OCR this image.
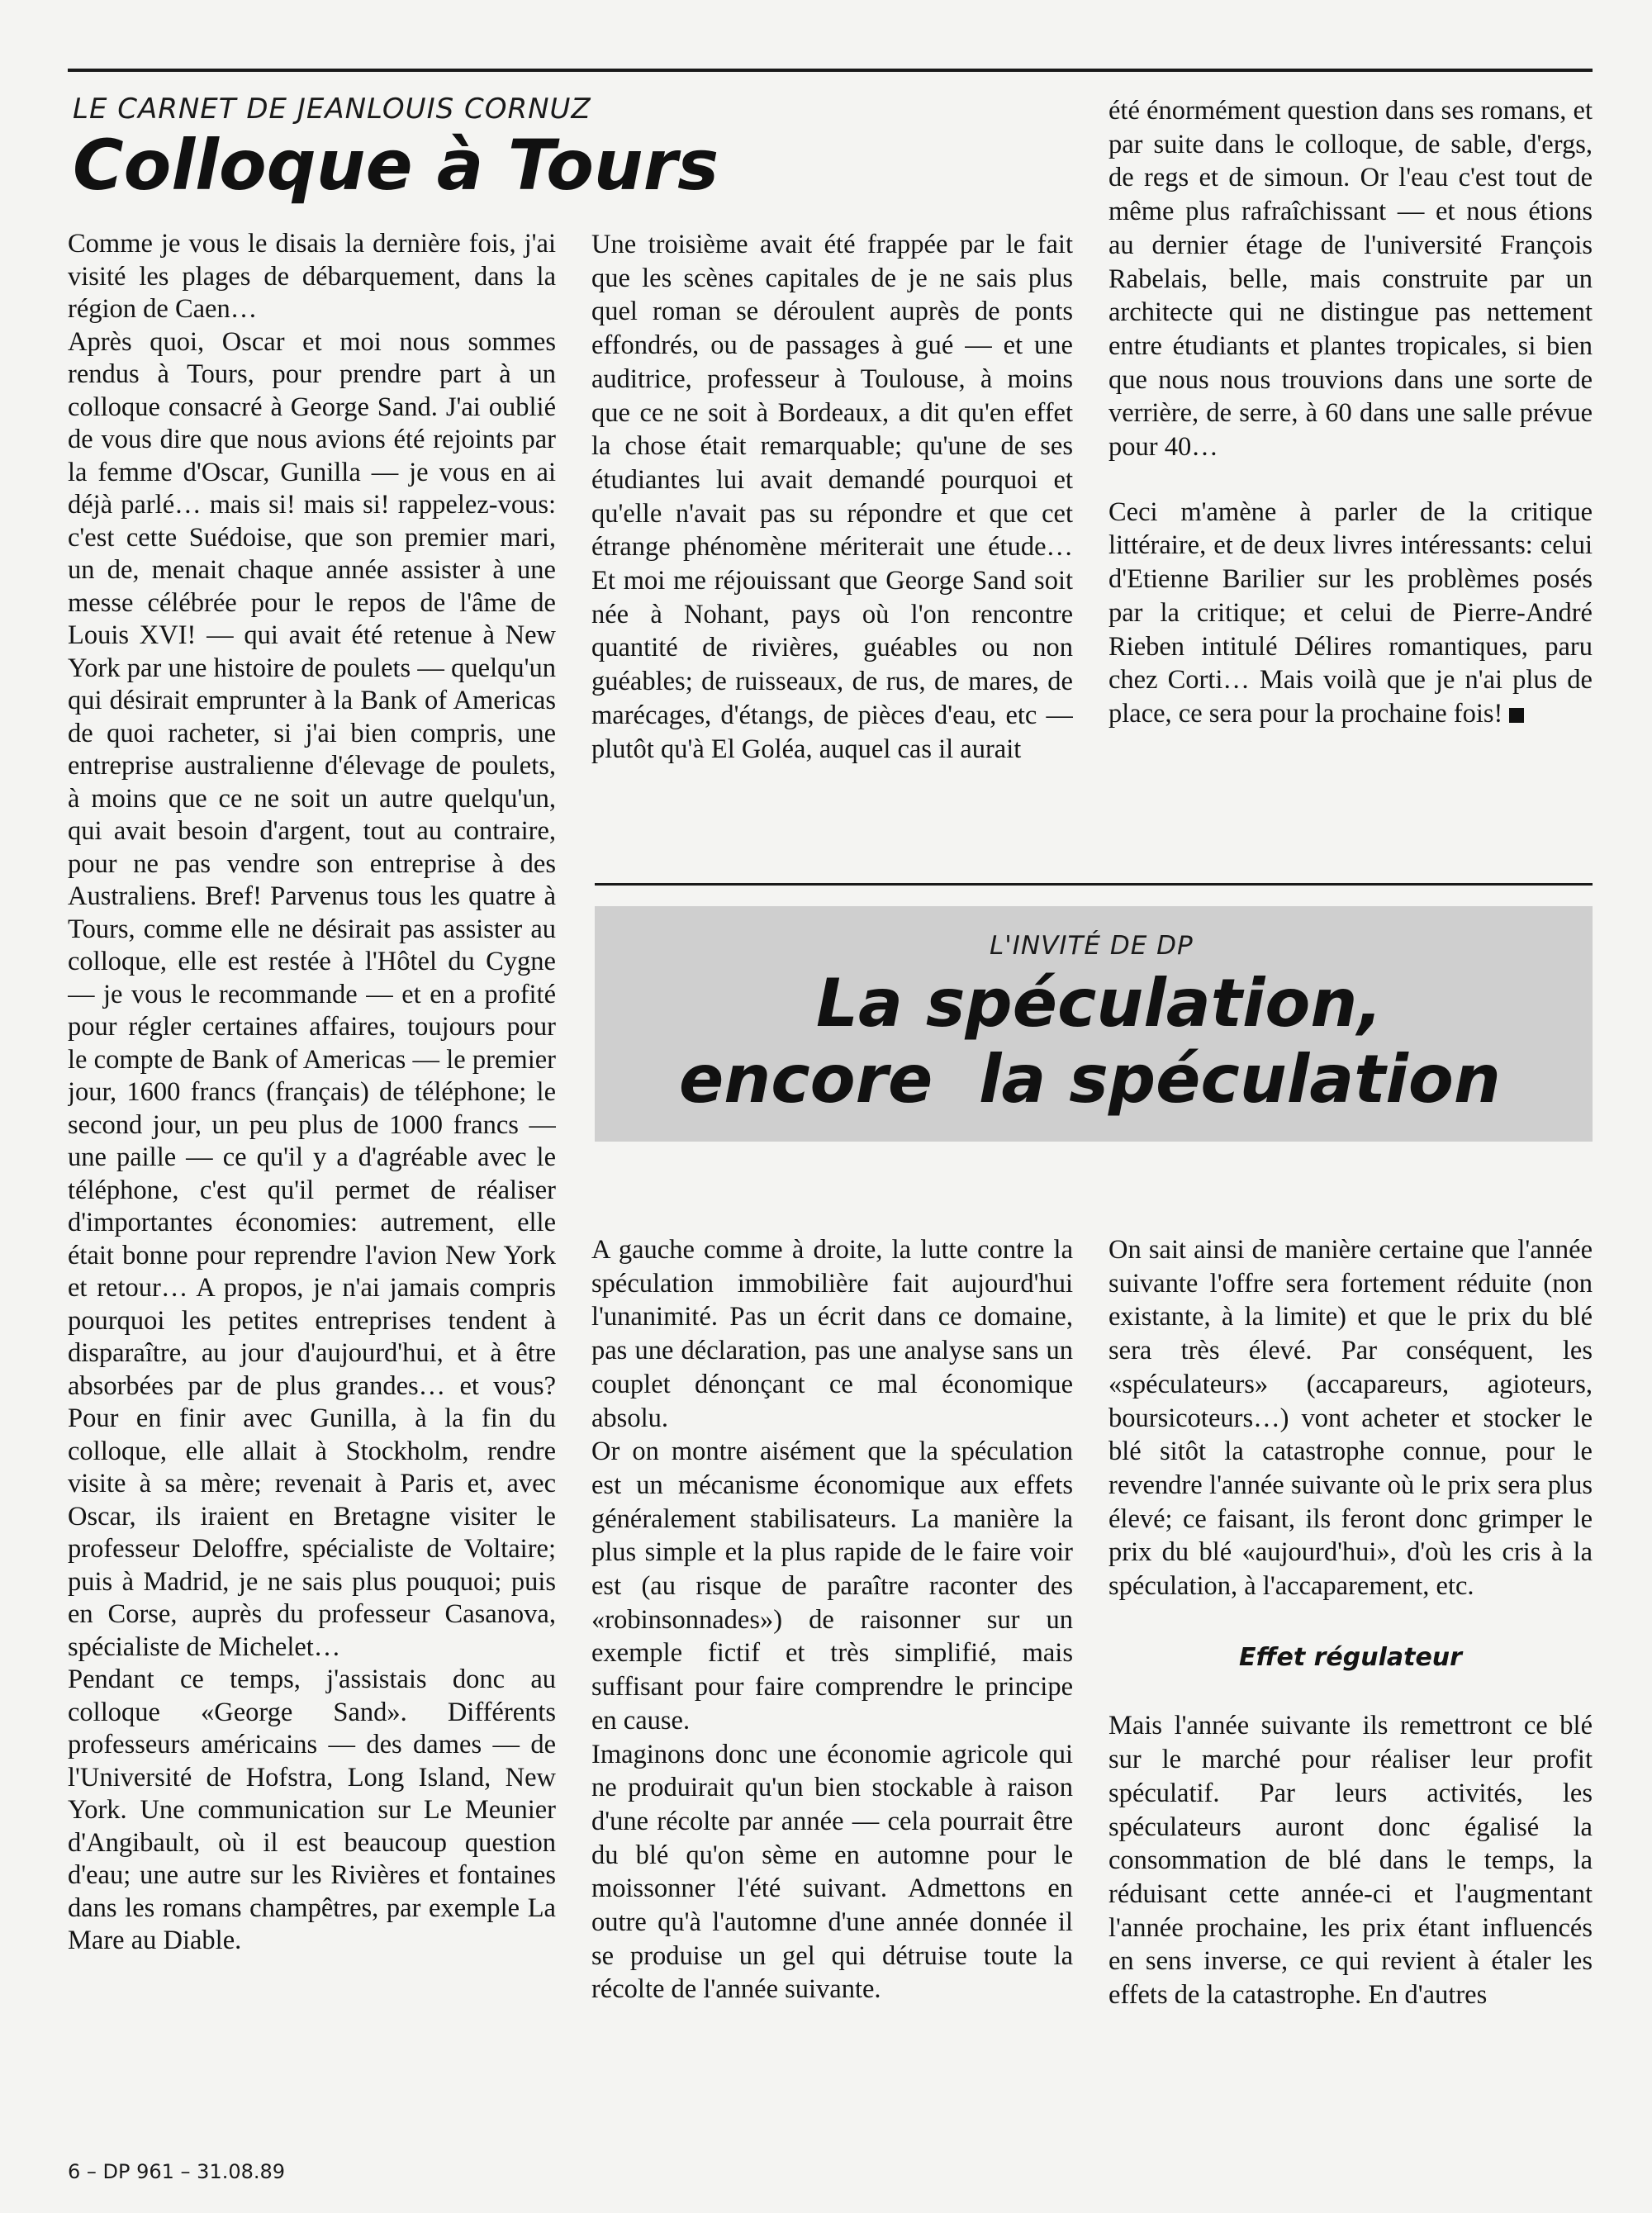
LE CARNET DE JEANLOUIS CORNUZ

Colloque à Tours

Comme je vous le disais la dernière fois, j'ai visité les plages de débarquement, dans la région de Caen…

Après quoi, Oscar et moi nous sommes rendus à Tours, pour prendre part à un colloque consacré à George Sand. J'ai oublié de vous dire que nous avions été rejoints par la femme d'Oscar, Gunilla — je vous en ai déjà parlé… mais si! mais si! rappelez-vous: c'est cette Suédoise, que son premier mari, un de, menait chaque année assister à une messe célébrée pour le repos de l'âme de Louis XVI! — qui avait été retenue à New York par une histoire de poulets — quelqu'un qui désirait emprunter à la Bank of Americas de quoi racheter, si j'ai bien compris, une entreprise australienne d'élevage de poulets, à moins que ce ne soit un autre quelqu'un, qui avait besoin d'argent, tout au contraire, pour ne pas vendre son entreprise à des Australiens. Bref! Parvenus tous les quatre à Tours, comme elle ne désirait pas assister au colloque, elle est restée à l'Hôtel du Cygne — je vous le recommande — et en a profité pour régler certaines affaires, toujours pour le compte de Bank of Americas — le premier jour, 1600 francs (français) de téléphone; le second jour, un peu plus de 1000 francs — une paille — ce qu'il y a d'agréable avec le téléphone, c'est qu'il permet de réaliser d'importantes économies: autrement, elle était bonne pour reprendre l'avion New York et retour… A propos, je n'ai jamais compris pourquoi les petites entreprises tendent à disparaître, au jour d'aujourd'hui, et à être absorbées par de plus grandes… et vous? Pour en finir avec Gunilla, à la fin du colloque, elle allait à Stockholm, rendre visite à sa mère; revenait à Paris et, avec Oscar, ils iraient en Bretagne visiter le professeur Deloffre, spécialiste de Voltaire; puis à Madrid, je ne sais plus pouquoi; puis en Corse, auprès du professeur Casanova, spécialiste de Michelet…

Pendant ce temps, j'assistais donc au colloque «George Sand». Différents professeurs américains — des dames — de l'Université de Hofstra, Long Island, New York. Une communication sur Le Meunier d'Angibault, où il est beaucoup question d'eau; une autre sur les Rivières et fontaines dans les romans champêtres, par exemple La Mare au Diable.

Une troisième avait été frappée par le fait que les scènes capitales de je ne sais plus quel roman se déroulent auprès de ponts effondrés, ou de passages à gué — et une auditrice, professeur à Toulouse, à moins que ce ne soit à Bordeaux, a dit qu'en effet la chose était remarquable; qu'une de ses étudiantes lui avait demandé pourquoi et qu'elle n'avait pas su répondre et que cet étrange phénomène mériterait une étude… Et moi me réjouissant que George Sand soit née à Nohant, pays où l'on rencontre quantité de rivières, guéables ou non guéables; de ruisseaux, de rus, de mares, de marécages, d'étangs, de pièces d'eau, etc — plutôt qu'à El Goléa, auquel cas il aurait

été énormément question dans ses romans, et par suite dans le colloque, de sable, d'ergs, de regs et de simoun. Or l'eau c'est tout de même plus rafraîchissant — et nous étions au dernier étage de l'université François Rabelais, belle, mais construite par un architecte qui ne distingue pas nettement entre étudiants et plantes tropicales, si bien que nous nous trouvions dans une sorte de verrière, de serre, à 60 dans une salle prévue pour 40…

Ceci m'amène à parler de la critique littéraire, et de deux livres intéressants: celui d'Etienne Barilier sur les problèmes posés par la critique; et celui de Pierre-André Rieben intitulé Délires romantiques, paru chez Corti… Mais voilà que je n'ai plus de place, ce sera pour la prochaine fois!

L'INVITÉ DE DP

La spéculation,
encore  la spéculation

A gauche comme à droite, la lutte contre la spéculation immobilière fait aujourd'hui l'unanimité. Pas un écrit dans ce domaine, pas une déclaration, pas une analyse sans un couplet dénonçant ce mal économique absolu.

Or on montre aisément que la spéculation est un mécanisme économique aux effets généralement stabilisateurs. La manière la plus simple et la plus rapide de le faire voir est (au risque de paraître raconter des «robinsonnades») de raisonner sur un exemple fictif et très simplifié, mais suffisant pour faire comprendre le principe en cause.

Imaginons donc une économie agricole qui ne produirait qu'un bien stockable à raison d'une récolte par année — cela pourrait être du blé qu'on sème en automne pour le moissonner l'été suivant. Admettons en outre qu'à l'automne d'une année donnée il se produise un gel qui détruise toute la récolte de l'année suivante.

On sait ainsi de manière certaine que l'année suivante l'offre sera fortement réduite (non existante, à la limite) et que le prix du blé sera très élevé. Par conséquent, les «spéculateurs» (accapareurs, agioteurs, boursicoteurs…) vont acheter et stocker le blé sitôt la catastrophe connue, pour le revendre l'année suivante où le prix sera plus élevé; ce faisant, ils feront donc grimper le prix du blé «aujourd'hui», d'où les cris à la spéculation, à l'accaparement, etc.

Effet régulateur

Mais l'année suivante ils remettront ce blé sur le marché pour réaliser leur profit spéculatif. Par leurs activités, les spéculateurs auront donc égalisé la consommation de blé dans le temps, la réduisant cette année-ci et l'augmentant l'année prochaine, les prix étant influencés en sens inverse, ce qui revient à étaler les effets de la catastrophe. En d'autres

6 – DP 961 – 31.08.89
